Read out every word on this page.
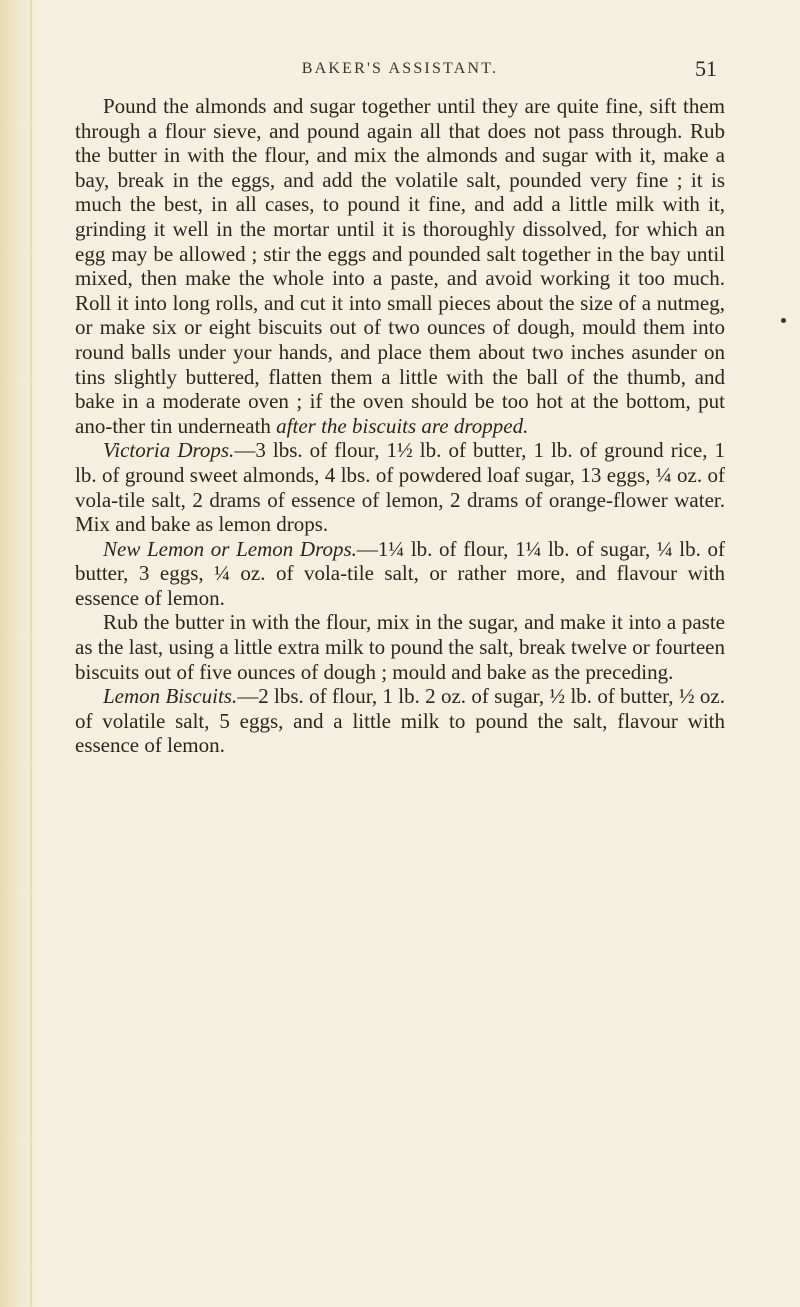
BAKER'S ASSISTANT.	51

Pound the almonds and sugar together until they are quite fine, sift them through a flour sieve, and pound again all that does not pass through. Rub the butter in with the flour, and mix the almonds and sugar with it, make a bay, break in the eggs, and add the volatile salt, pounded very fine ; it is much the best, in all cases, to pound it fine, and add a little milk with it, grinding it well in the mortar until it is thoroughly dissolved, for which an egg may be allowed ; stir the eggs and pounded salt together in the bay until mixed, then make the whole into a paste, and avoid working it too much. Roll it into long rolls, and cut it into small pieces about the size of a nutmeg, or make six or eight biscuits out of two ounces of dough, mould them into round balls under your hands, and place them about two inches asunder on tins slightly buttered, flatten them a little with the ball of the thumb, and bake in a moderate oven ; if the oven should be too hot at the bottom, put ano-ther tin underneath after the biscuits are dropped.

Victoria Drops.—3 lbs. of flour, 1½ lb. of butter, 1 lb. of ground rice, 1 lb. of ground sweet almonds, 4 lbs. of powdered loaf sugar, 13 eggs, ¼ oz. of vola-tile salt, 2 drams of essence of lemon, 2 drams of orange-flower water. Mix and bake as lemon drops.

New Lemon or Lemon Drops.—1¼ lb. of flour, 1¼ lb. of sugar, ¼ lb. of butter, 3 eggs, ¼ oz. of vola-tile salt, or rather more, and flavour with essence of lemon.

Rub the butter in with the flour, mix in the sugar, and make it into a paste as the last, using a little extra milk to pound the salt, break twelve or fourteen biscuits out of five ounces of dough ; mould and bake as the preceding.

Lemon Biscuits.—2 lbs. of flour, 1 lb. 2 oz. of sugar, ½ lb. of butter, ½ oz. of volatile salt, 5 eggs, and a little milk to pound the salt, flavour with essence of lemon.
